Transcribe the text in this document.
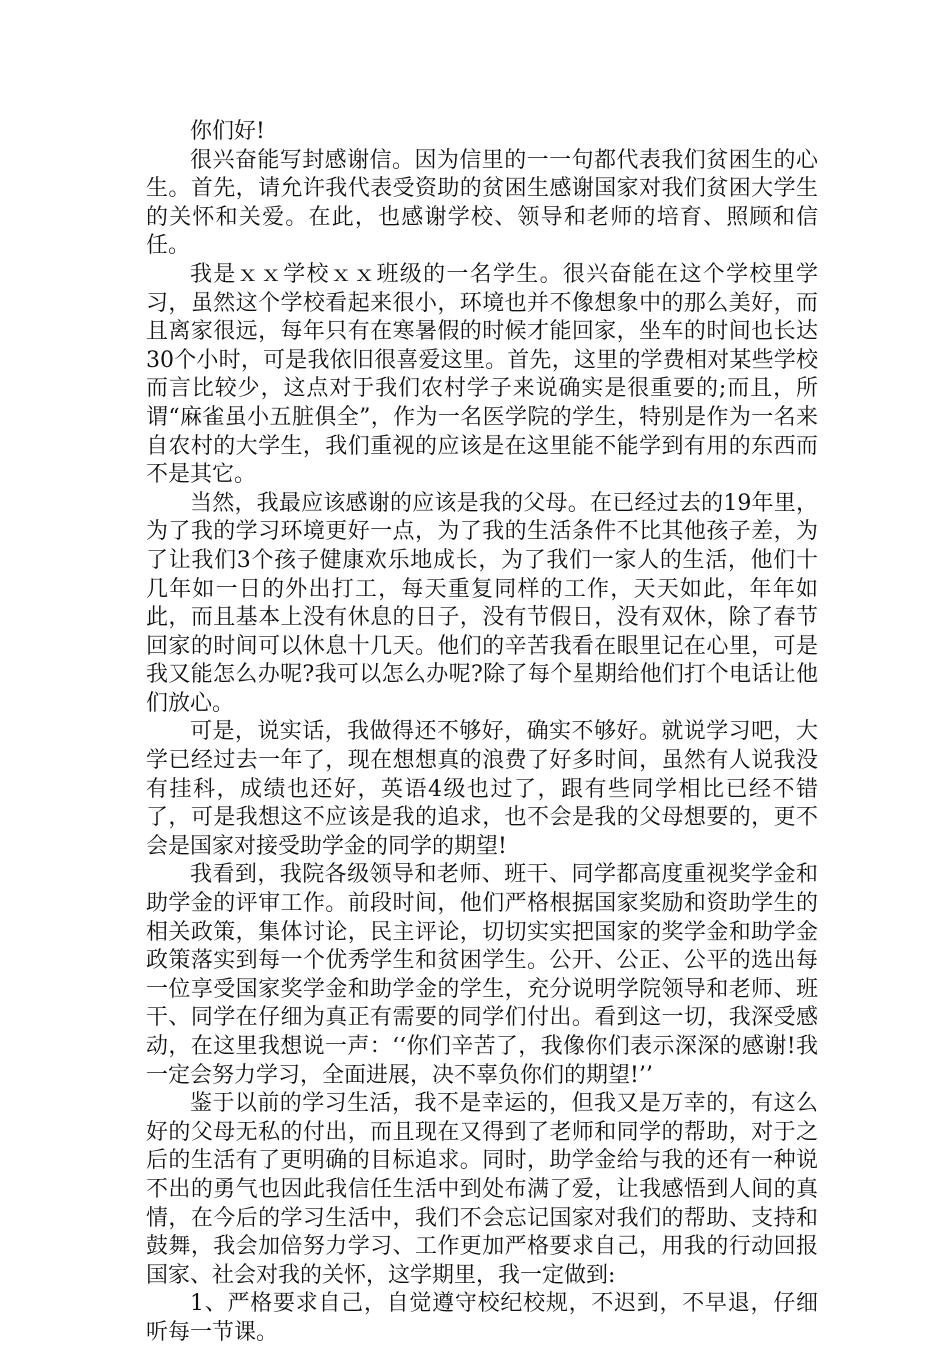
你们好!

很兴奋能写封感谢信。因为信里的一一句都代表我们贫困生的心生。首先，请允许我代表受资助的贫困生感谢国家对我们贫困大学生的关怀和关爱。在此，也感谢学校、领导和老师的培育、照顾和信任。

我是ｘｘ学校ｘｘ班级的一名学生。很兴奋能在这个学校里学习，虽然这个学校看起来很小，环境也并不像想象中的那么美好，而且离家很远，每年只有在寒暑假的时候才能回家，坐车的时间也长达30个小时，可是我依旧很喜爱这里。首先，这里的学费相对某些学校而言比较少，这点对于我们农村学子来说确实是很重要的;而且，所谓“麻雀虽小五脏俱全”，作为一名医学院的学生，特别是作为一名来自农村的大学生，我们重视的应该是在这里能不能学到有用的东西而不是其它。

当然，我最应该感谢的应该是我的父母。在已经过去的19年里，为了我的学习环境更好一点，为了我的生活条件不比其他孩子差，为了让我们3个孩子健康欢乐地成长，为了我们一家人的生活，他们十几年如一日的外出打工，每天重复同样的工作，天天如此，年年如此，而且基本上没有休息的日子，没有节假日，没有双休，除了春节回家的时间可以休息十几天。他们的辛苦我看在眼里记在心里，可是我又能怎么办呢?我可以怎么办呢?除了每个星期给他们打个电话让他们放心。

可是，说实话，我做得还不够好，确实不够好。就说学习吧，大学已经过去一年了，现在想想真的浪费了好多时间，虽然有人说我没有挂科，成绩也还好，英语4级也过了，跟有些同学相比已经不错了，可是我想这不应该是我的追求，也不会是我的父母想要的，更不会是国家对接受助学金的同学的期望!

我看到，我院各级领导和老师、班干、同学都高度重视奖学金和助学金的评审工作。前段时间，他们严格根据国家奖励和资助学生的相关政策，集体讨论，民主评论，切切实实把国家的奖学金和助学金政策落实到每一个优秀学生和贫困学生。公开、公正、公平的选出每一位享受国家奖学金和助学金的学生，充分说明学院领导和老师、班干、同学在仔细为真正有需要的同学们付出。看到这一切，我深受感动，在这里我想说一声：‘‘你们辛苦了，我像你们表示深深的感谢!我一定会努力学习，全面进展，决不辜负你们的期望!’’

鉴于以前的学习生活，我不是幸运的，但我又是万幸的，有这么好的父母无私的付出，而且现在又得到了老师和同学的帮助，对于之后的生活有了更明确的目标追求。同时，助学金给与我的还有一种说不出的勇气也因此我信任生活中到处布满了爱，让我感悟到人间的真情，在今后的学习生活中，我们不会忘记国家对我们的帮助、支持和鼓舞，我会加倍努力学习、工作更加严格要求自己，用我的行动回报国家、社会对我的关怀，这学期里，我一定做到:

1、严格要求自己，自觉遵守校纪校规，不迟到，不早退，仔细听每一节课。
